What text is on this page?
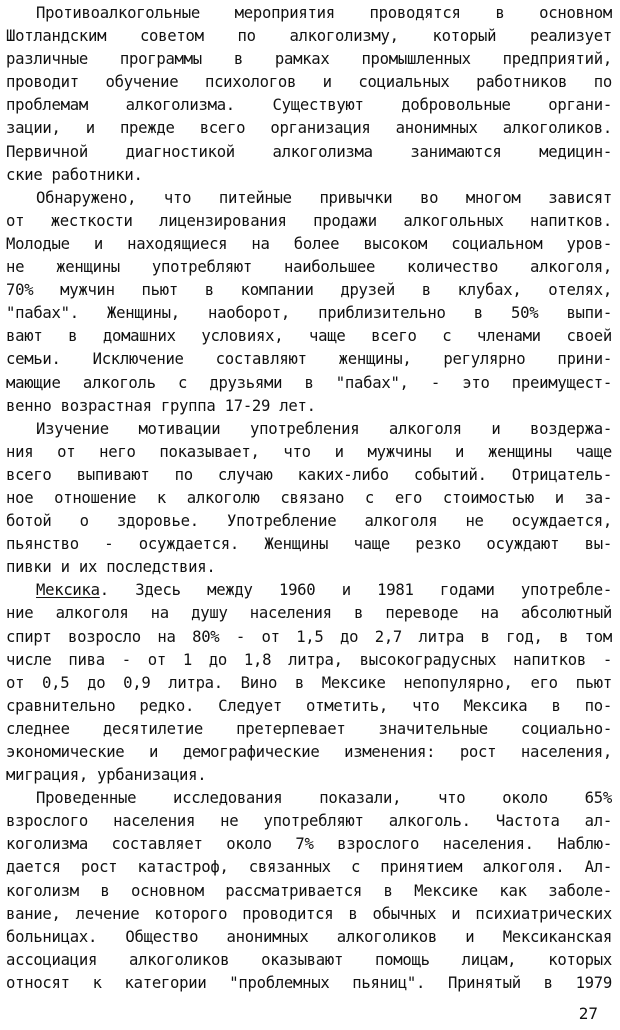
Противоалкогольные мероприятия проводятся в основном
Шотландским советом по алкоголизму, который реализует
различные программы в рамках промышленных предприятий,
проводит обучение психологов и социальных работников по
проблемам алкоголизма. Существуют добровольные органи-
зации, и прежде всего организация анонимных алкоголиков.
Первичной диагностикой алкоголизма занимаются медицин-
ские работники.
Обнаружено, что питейные привычки во многом зависят
от жесткости лицензирования продажи алкогольных напитков.
Молодые и находящиеся на более высоком социальном уров-
не женщины употребляют наибольшее количество алкоголя,
70% мужчин пьют в компании друзей в клубах, отелях,
"пабах". Женщины, наоборот, приблизительно в 50% выпи-
вают в домашних условиях, чаще всего с членами своей
семьи. Исключение составляют женщины, регулярно прини-
мающие алкоголь с друзьями в "пабах", - это преимущест-
венно возрастная группа 17-29 лет.
Изучение мотивации употребления алкоголя и воздержа-
ния от него показывает, что и мужчины и женщины чаще
всего выпивают по случаю каких-либо событий. Отрицатель-
ное отношение к алкоголю связано с его стоимостью и за-
ботой о здоровье. Употребление алкоголя не осуждается,
пьянство - осуждается. Женщины чаще резко осуждают вы-
пивки и их последствия.
Мексика. Здесь между 1960 и 1981 годами употребле-
ние алкоголя на душу населения в переводе на абсолютный
спирт возросло на 80% - от 1,5 до 2,7 литра в год, в том
числе пива - от 1 до 1,8 литра, высокоградусных напитков -
от 0,5 до 0,9 литра. Вино в Мексике непопулярно, его пьют
сравнительно редко. Следует отметить, что Мексика в по-
следнее десятилетие претерпевает значительные социально-
экономические и демографические изменения: рост населения,
миграция, урбанизация.
Проведенные исследования показали, что около 65%
взрослого населения не употребляют алкоголь. Частота ал-
коголизма составляет около 7% взрослого населения. Наблю-
дается рост катастроф, связанных с принятием алкоголя. Ал-
коголизм в основном рассматривается в Мексике как заболе-
вание, лечение которого проводится в обычных и психиатрических
больницах. Общество анонимных алкоголиков и Мексиканская
ассоциация алкоголиков оказывают помощь лицам, которых
относят к категории "проблемных пьяниц". Принятый в 1979
27
